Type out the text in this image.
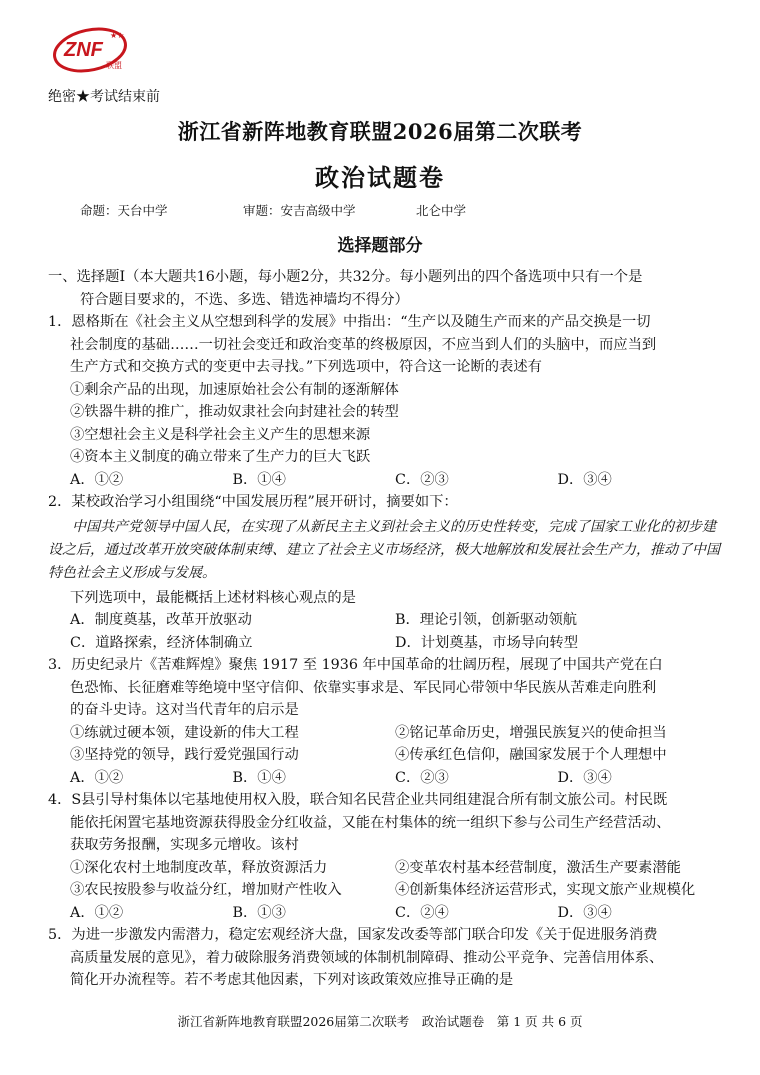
ZNF
联盟
★★
绝密★考试结束前
浙江省新阵地教育联盟2026届第二次联考
政治试题卷
命题：天台中学	审题：安吉高级中学	北仑中学
选择题部分

一、选择题Ⅰ（本大题共16小题，每小题2分，共32分。每小题列出的四个备选项中只有一个是
符合题目要求的，不选、多选、错选神墙均不得分）

1．恩格斯在《社会主义从空想到科学的发展》中指出：“生产以及随生产而来的产品交换是一切
社会制度的基础……一切社会变迁和政治变革的终极原因，不应当到人们的头脑中，而应当到
生产方式和交换方式的变更中去寻找。”下列选项中，符合这一论断的表述有
①剩余产品的出现，加速原始社会公有制的逐渐解体
②铁器牛耕的推广，推动奴隶社会向封建社会的转型
③空想社会主义是科学社会主义产生的思想来源
④资本主义制度的确立带来了生产力的巨大飞跃
A．①②	B．①④	C．②③	D．③④
2．某校政治学习小组围绕“中国发展历程”展开研讨，摘要如下：
中国共产党领导中国人民，在实现了从新民主主义到社会主义的历史性转变，完成了国家工业化的初步建设之后，通过改革开放突破体制束缚、建立了社会主义市场经济，极大地解放和发展社会生产力，推动了中国特色社会主义形成与发展。
下列选项中，最能概括上述材料核心观点的是
A．制度奠基，改革开放驱动	B．理论引领，创新驱动领航
C．道路探索，经济体制确立	D．计划奠基，市场导向转型
3．历史纪录片《苦难辉煌》聚焦 1917 至 1936 年中国革命的壮阔历程，展现了中国共产党在白
色恐怖、长征磨难等绝境中坚守信仰、依靠实事求是、军民同心带领中华民族从苦难走向胜利
的奋斗史诗。这对当代青年的启示是
①练就过硬本领，建设新的伟大工程	②铭记革命历史，增强民族复兴的使命担当
③坚持党的领导，践行爱党强国行动	④传承红色信仰，融国家发展于个人理想中
A．①②	B．①④	C．②③	D．③④
4．S县引导村集体以宅基地使用权入股，联合知名民营企业共同组建混合所有制文旅公司。村民既
能依托闲置宅基地资源获得股金分红收益，又能在村集体的统一组织下参与公司生产经营活动、
获取劳务报酬，实现多元增收。该村
①深化农村土地制度改革，释放资源活力	②变革农村基本经营制度，激活生产要素潜能
③农民按股参与收益分红，增加财产性收入	④创新集体经济运营形式，实现文旅产业规模化
A．①②	B．①③	C．②④	D．③④
5．为进一步激发内需潜力，稳定宏观经济大盘，国家发改委等部门联合印发《关于促进服务消费
高质量发展的意见》，着力破除服务消费领域的体制机制障碍、推动公平竞争、完善信用体系、
简化开办流程等。若不考虑其他因素，下列对该政策效应推导正确的是
浙江省新阵地教育联盟2026届第二次联考　政治试题卷　第 1 页 共 6 页
